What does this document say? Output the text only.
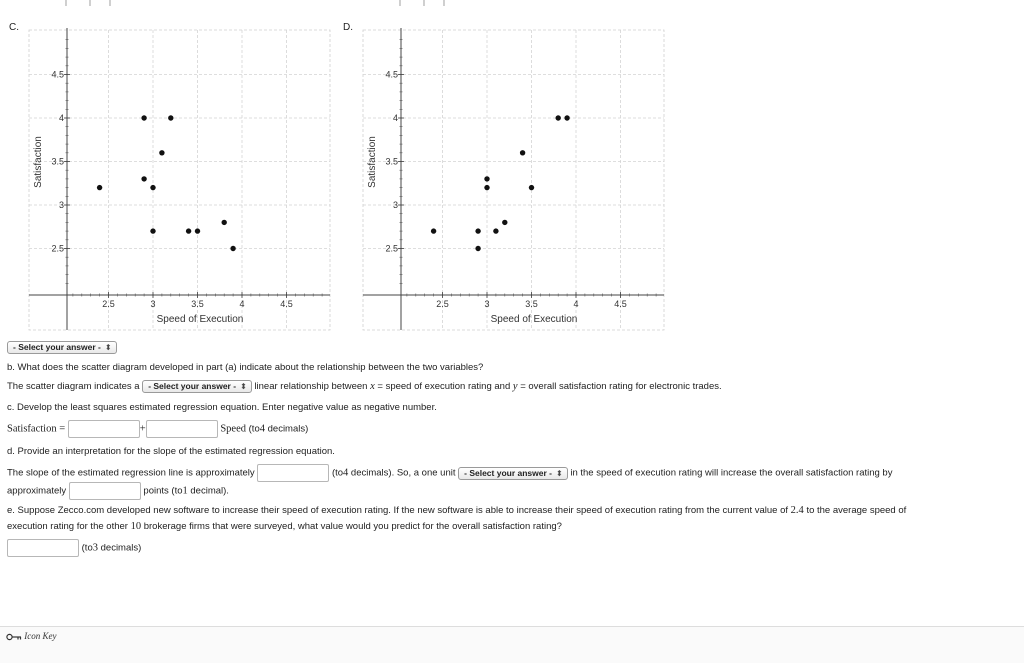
C.
2.5	3	3.5	4	4.5
4.5
4
3.5
3
2.5
Speed of Execution
Satisfaction
D.
2.5	3	3.5	4	4.5
4.5
4
3.5
3
2.5
Speed of Execution
Satisfaction
- Select your answer - ⬍
b. What does the scatter diagram developed in part (a) indicate about the relationship between the two variables?
The scatter diagram indicates a - Select your answer - ⬍ linear relationship between x = speed of execution rating and y = overall satisfaction rating for electronic trades.
c. Develop the least squares estimated regression equation. Enter negative value as negative number.
Satisfaction =	+	Speed (to4 decimals)
d. Provide an interpretation for the slope of the estimated regression equation.
The slope of the estimated regression line is approximately	(to4 decimals). So, a one unit - Select your answer - ⬍ in the speed of execution rating will increase the overall satisfaction rating by
approximately	points (to1 decimal).
e. Suppose Zecco.com developed new software to increase their speed of execution rating. If the new software is able to increase their speed of execution rating from the current value of 2.4 to the average speed of
execution rating for the other 10 brokerage firms that were surveyed, what value would you predict for the overall satisfaction rating?
(to3 decimals)
Icon Key
